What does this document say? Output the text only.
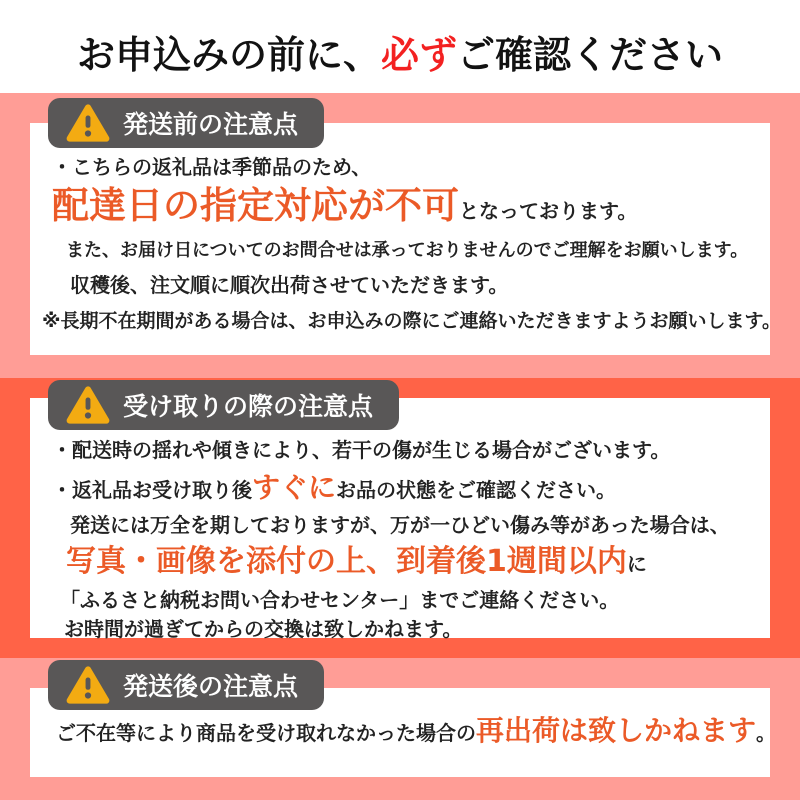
お申込みの前に、必ずご確認ください
・こちらの返礼品は季節品のため、
配達日の指定対応が不可となっております。
また、お届け日についてのお問合せは承っておりませんのでご理解をお願いします。
収穫後、注文順に順次出荷させていただきます。
※長期不在期間がある場合は、お申込みの際にご連絡いただきますようお願いします。
・配送時の揺れや傾きにより、若干の傷が生じる場合がございます。
・返礼品お受け取り後すぐにお品の状態をご確認ください。
発送には万全を期しておりますが、万が一ひどい傷み等があった場合は、
写真・画像を添付の上、到着後1週間以内に
「ふるさと納税お問い合わせセンター」までご連絡ください。
お時間が過ぎてからの交換は致しかねます。
ご不在等により商品を受け取れなかった場合の再出荷は致しかねます。
発送前の注意点
受け取りの際の注意点
発送後の注意点
